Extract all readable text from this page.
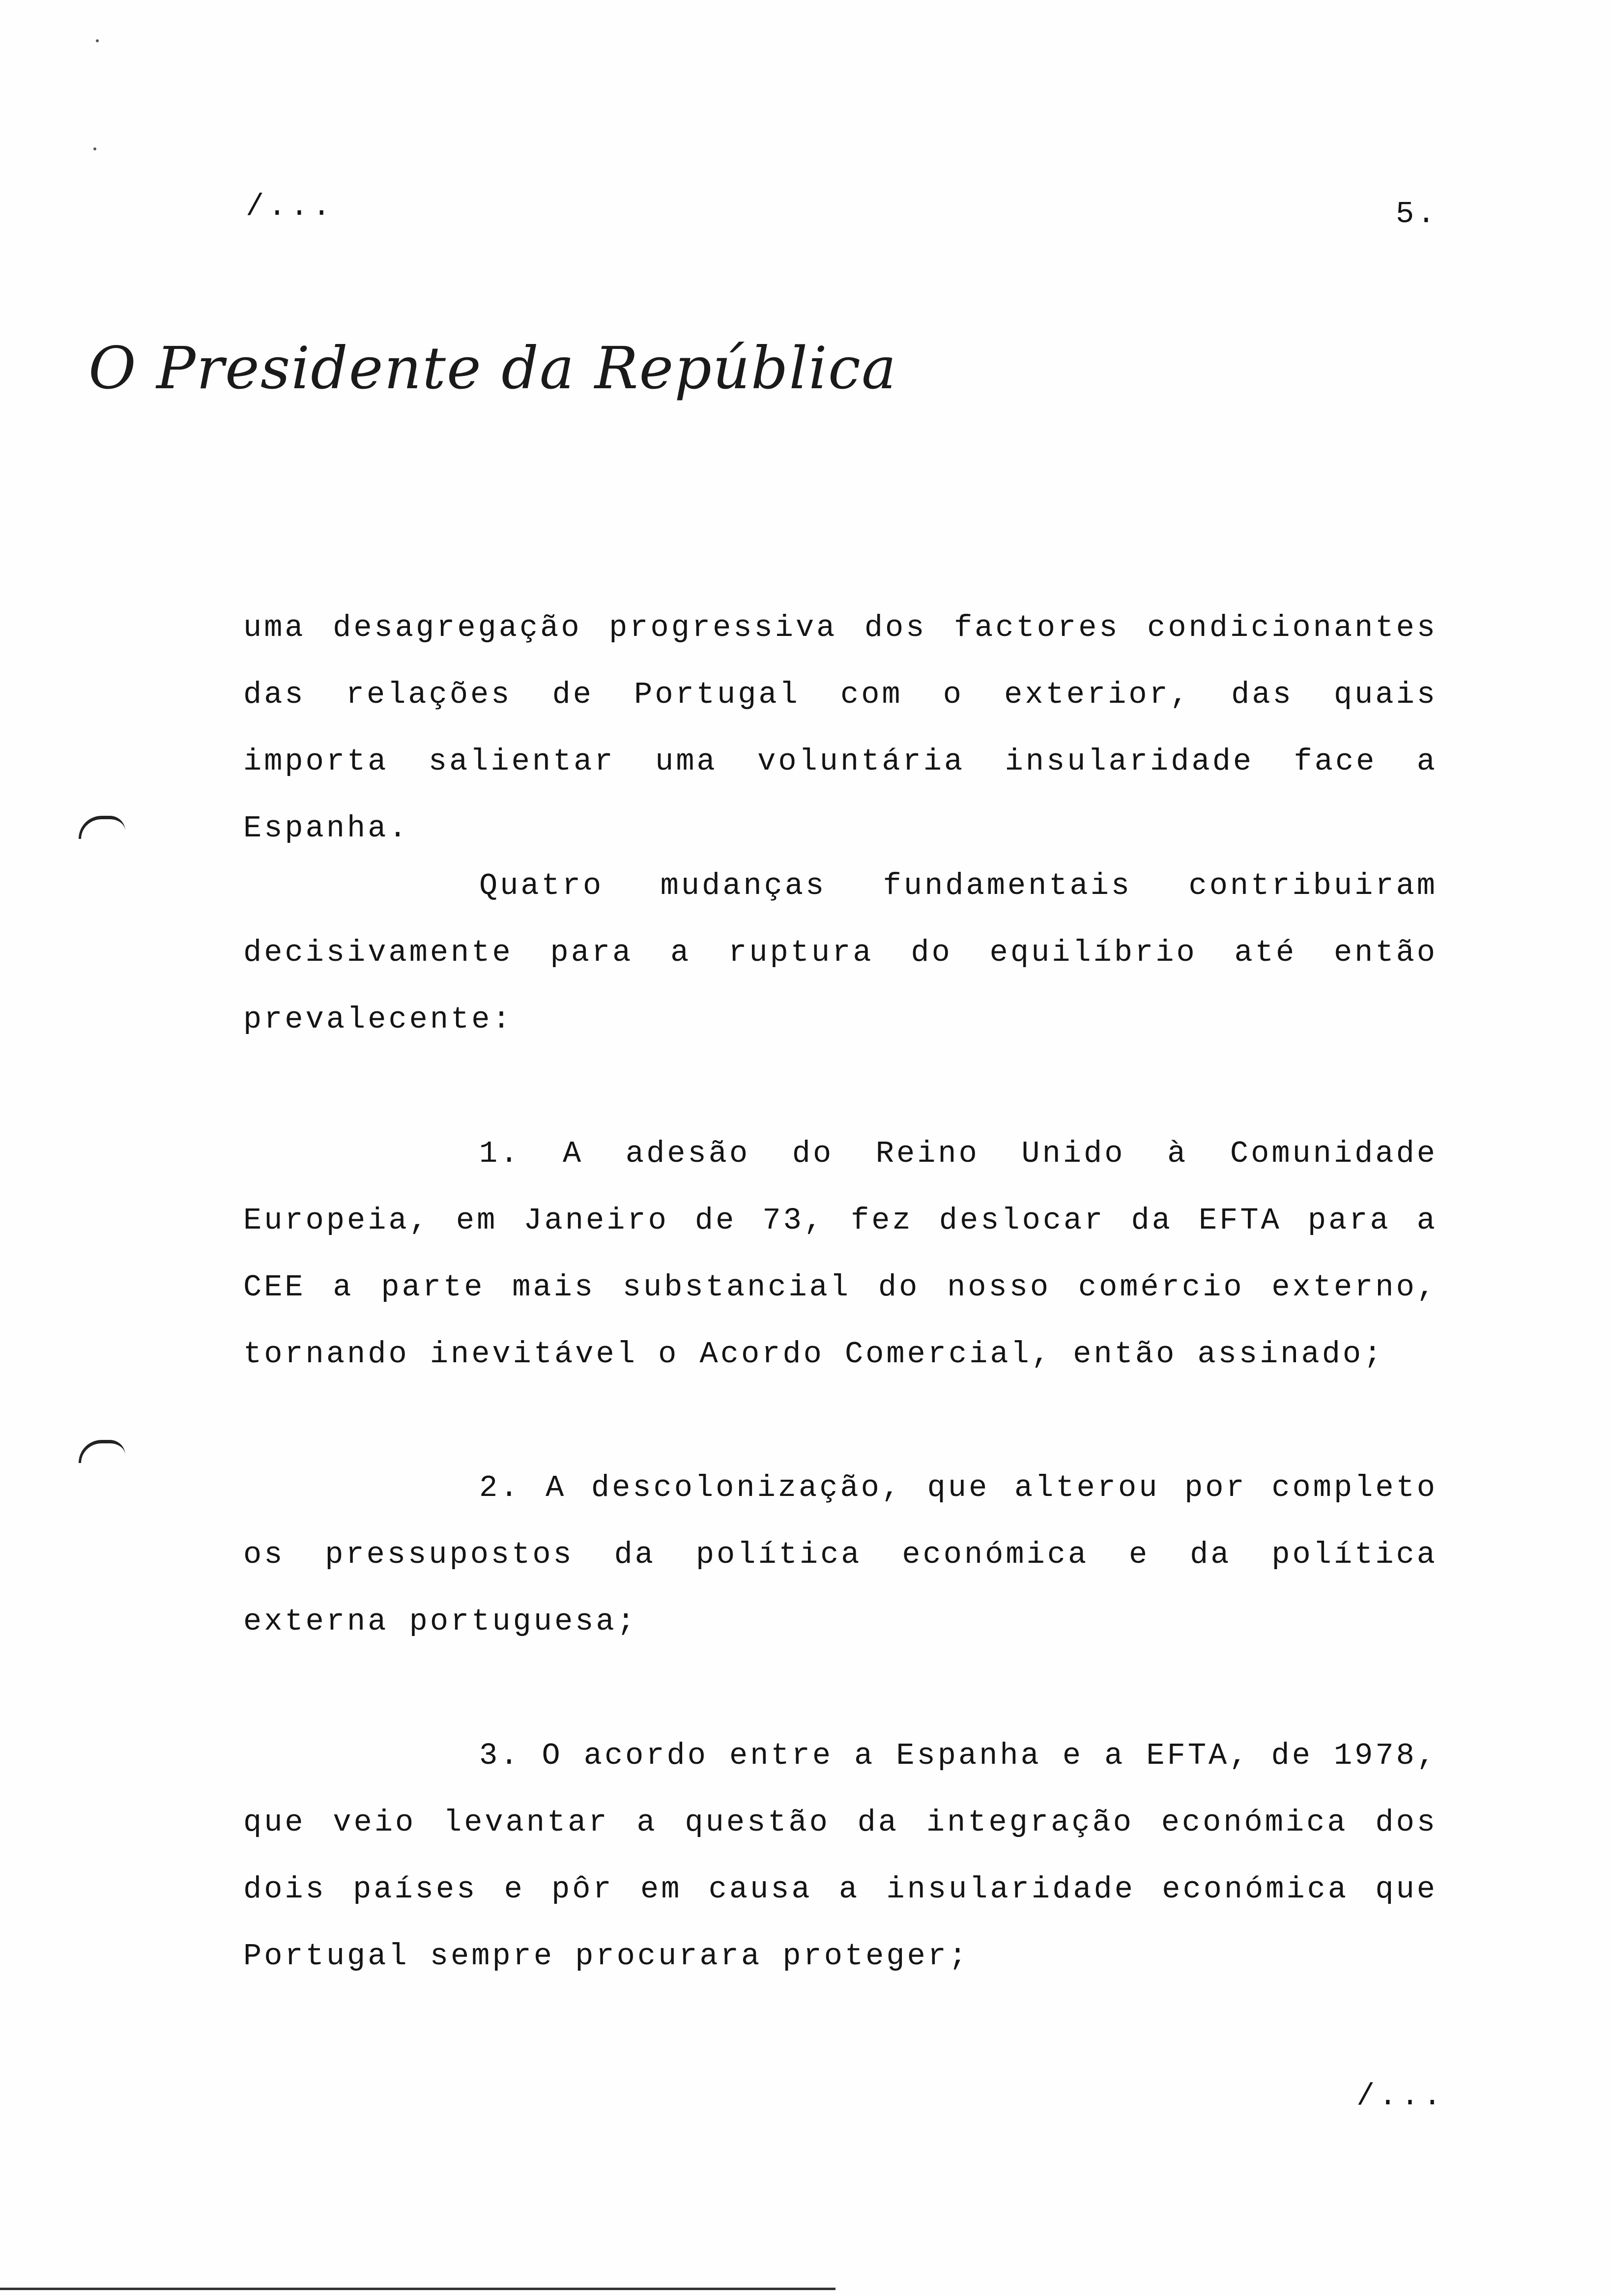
/...	5.
O Presidente da República
uma desagregação progressiva dos factores condicionantes das relações de Portugal com o exterior, das quais importa salientar uma voluntária insularidade face a Espanha.
Quatro mudanças fundamentais contribuiram decisivamente para a ruptura do equilíbrio até então prevalecente:
1. A adesão do Reino Unido à Comunidade Europeia, em Janeiro de 73, fez deslocar da EFTA para a CEE a parte mais substancial do nosso comércio externo, tornando inevitável o Acordo Comercial, então assinado;
2. A descolonização, que alterou por completo os pressupostos da política económica e da política externa portuguesa;
3. O acordo entre a Espanha e a EFTA, de 1978, que veio levantar a questão da integração económica dos dois países e pôr em causa a insularidade económica que Portugal sempre procurara proteger;
/...
